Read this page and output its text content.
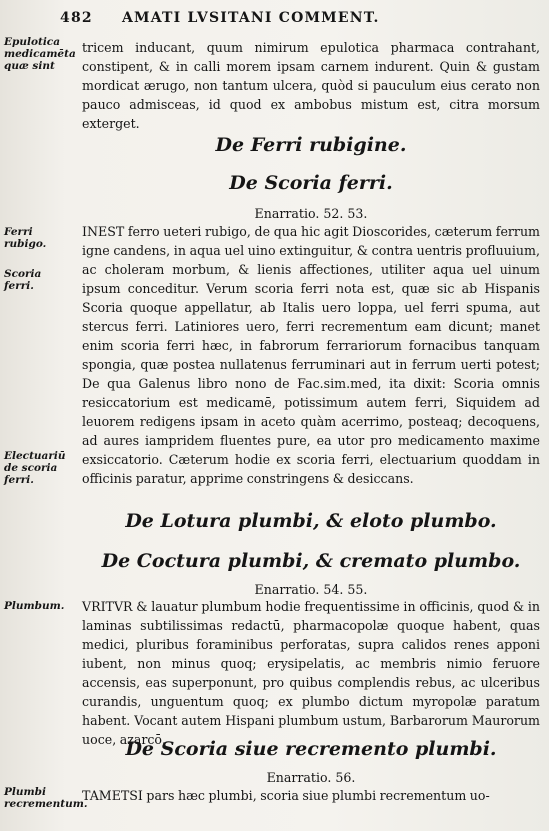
482 AMATI LVSITANI COMMENT.
Epulotica medicamēta quæ sint
Ferri rubigo.
Scoria ferri.
Electuariū de scoria ferri.
Plumbum.
Plumbi recrementum.
tricem inducant, quum nimirum epulotica pharmaca contrahant, constipent, & in calli morem ipsam carnem indurent. Quin & gustam mordicat ærugo, non tantum ulcera, quòd si pauculum eius cerato non pauco admisceas, id quod ex ambobus mistum est, citra morsum exterget.
De Ferri rubigine.
De Scoria ferri.
Enarratio. 52. 53.
INEST ferro ueteri rubigo, de qua hic agit Dioscorides, cæterum ferrum igne candens, in aqua uel uino extinguitur, & contra uentris profluuium, ac choleram morbum, & lienis affectiones, utiliter aqua uel uinum ipsum conceditur. Verum scoria ferri nota est, quæ sic ab Hispanis Scoria quoque appellatur, ab Italis uero loppa, uel ferri spuma, aut stercus ferri. Latiniores uero, ferri recrementum eam dicunt; manet enim scoria ferri hæc, in fabrorum ferrariorum fornacibus tanquam spongia, quæ postea nullatenus ferruminari aut in ferrum uerti potest; De qua Galenus libro nono de Fac.sim.med, ita dixit: Scoria omnis resiccatorium est medicamē, potissimum autem ferri, Siquidem ad leuorem redigens ipsam in aceto quàm acerrimo, posteaq; decoquens, ad aures iampridem fluentes pure, ea utor pro medicamento maxime exsiccatorio. Cæterum hodie ex scoria ferri, electuarium quoddam in officinis paratur, apprime constringens & desiccans.
De Lotura plumbi, & eloto plumbo.
De Coctura plumbi, & cremato plumbo.
Enarratio. 54. 55.
VRITVR & lauatur plumbum hodie frequentissime in officinis, quod & in laminas subtilissimas redactū, pharmacopolæ quoque habent, quas medici, pluribus foraminibus perforatas, supra calidos renes apponi iubent, non minus quoq; erysipelatis, ac membris nimio feruore accensis, eas superponunt, pro quibus complendis rebus, ac ulceribus curandis, unguentum quoq; ex plumbo dictum myropolæ paratum habent. Vocant autem Hispani plumbum ustum, Barbarorum Maurorum uoce, azarcō.
De Scoria siue recremento plumbi.
Enarratio. 56.
TAMETSI pars hæc plumbi, scoria siue plumbi recrementum uo-
